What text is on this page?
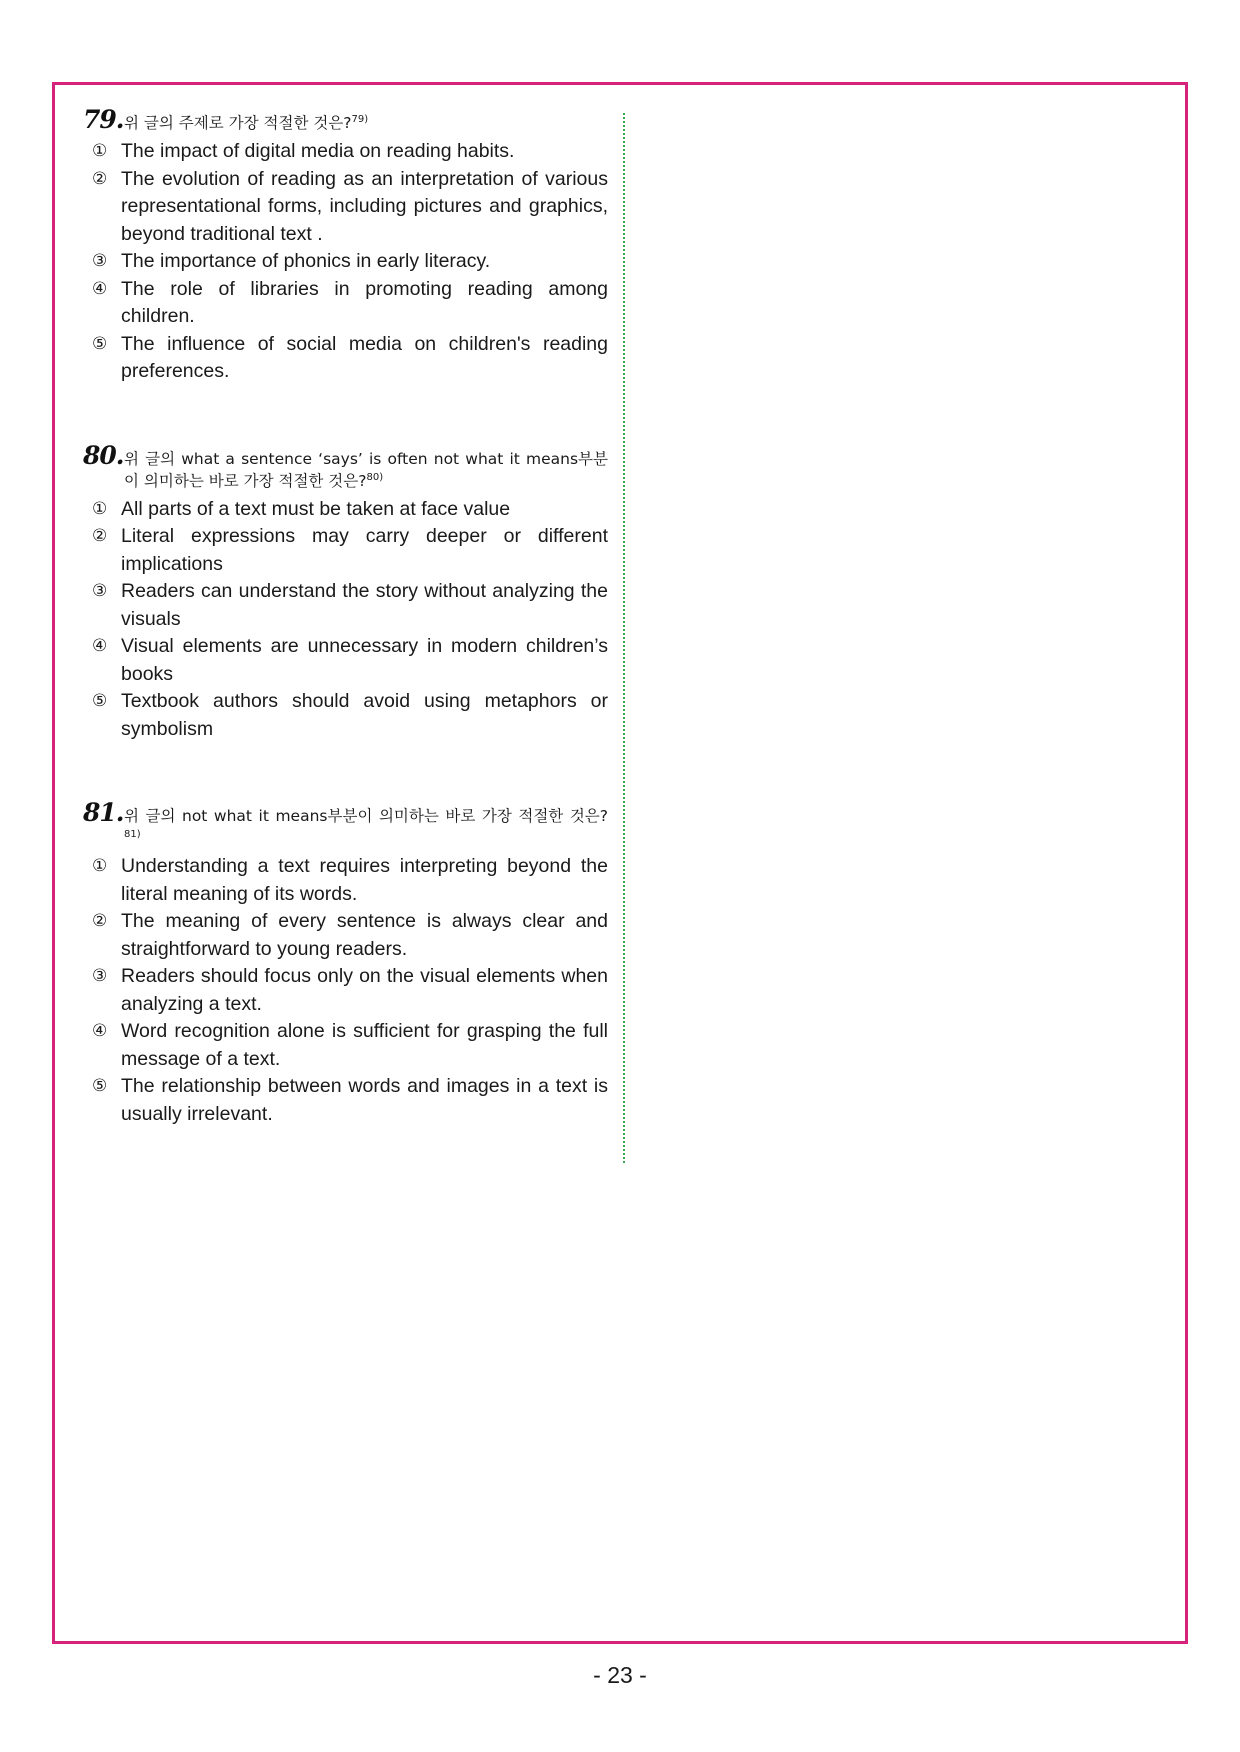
79. 위 글의 주제로 가장 적절한 것은?$^{79)}$
① The impact of digital media on reading habits.
② The evolution of reading as an interpretation of various representational forms, including pictures and graphics, beyond traditional text .
③ The importance of phonics in early literacy.
④ The role of libraries in promoting reading among children.
⑤ The influence of social media on children's reading preferences.
80. 위 글의 what a sentence ‘says’ is often not what it means부분이 의미하는 바로 가장 적절한 것은?$^{80)}$
① All parts of a text must be taken at face value
② Literal expressions may carry deeper or different implications
③ Readers can understand the story without analyzing the visuals
④ Visual elements are unnecessary in modern children’s books
⑤ Textbook authors should avoid using metaphors or symbolism
81. 위 글의 not what it means부분이 의미하는 바로 가장 적절한 것은?$^{81)}$
① Understanding a text requires interpreting beyond the literal meaning of its words.
② The meaning of every sentence is always clear and straightforward to young readers.
③ Readers should focus only on the visual elements when analyzing a text.
④ Word recognition alone is sufficient for grasping the full message of a text.
⑤ The relationship between words and images in a text is usually irrelevant.
- 23 -
